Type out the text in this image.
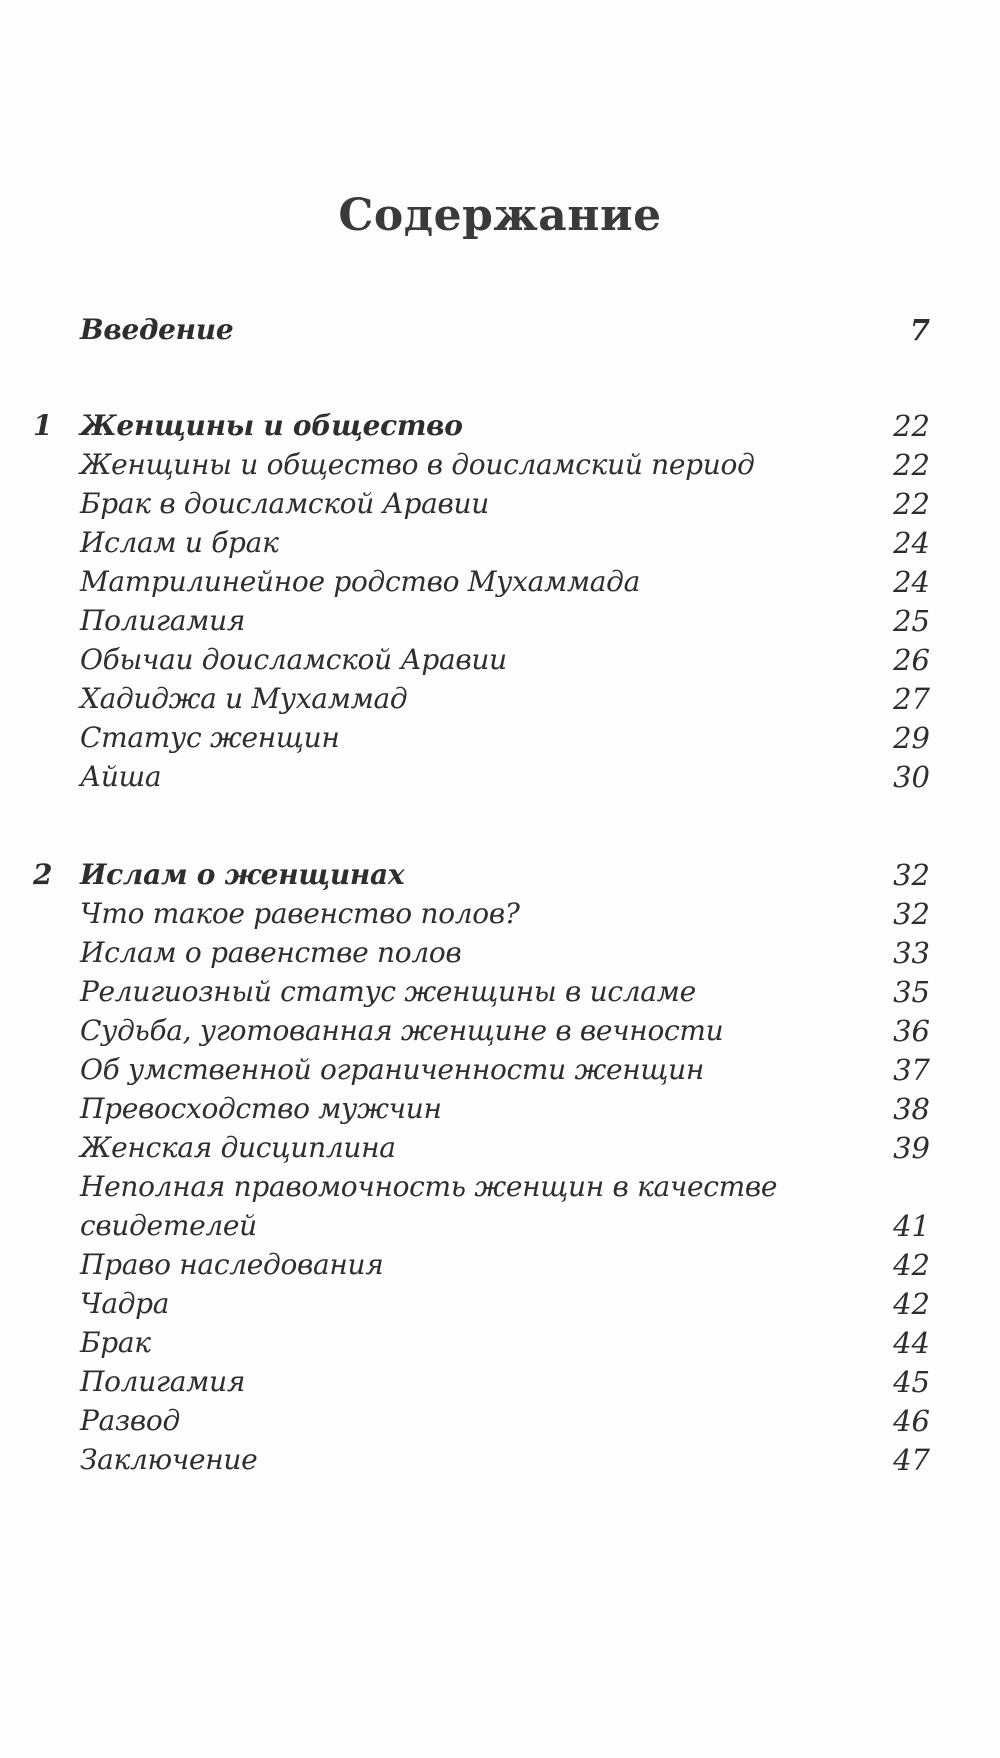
Содержание
Введение	7
1 Женщины и общество	22
Женщины и общество в доисламский период	22
Брак в доисламской Аравии	22
Ислам и брак	24
Матрилинейное родство Мухаммада	24
Полигамия	25
Обычаи доисламской Аравии	26
Хадиджа и Мухаммад	27
Статус женщин	29
Айша	30
2 Ислам о женщинах	32
Что такое равенство полов?	32
Ислам о равенстве полов	33
Религиозный статус женщины в исламе	35
Судьба, уготованная женщине в вечности	36
Об умственной ограниченности женщин	37
Превосходство мужчин	38
Женская дисциплина	39
Неполная правомочность женщин в качестве
свидетелей	41
Право наследования	42
Чадра	42
Брак	44
Полигамия	45
Развод	46
Заключение	47
